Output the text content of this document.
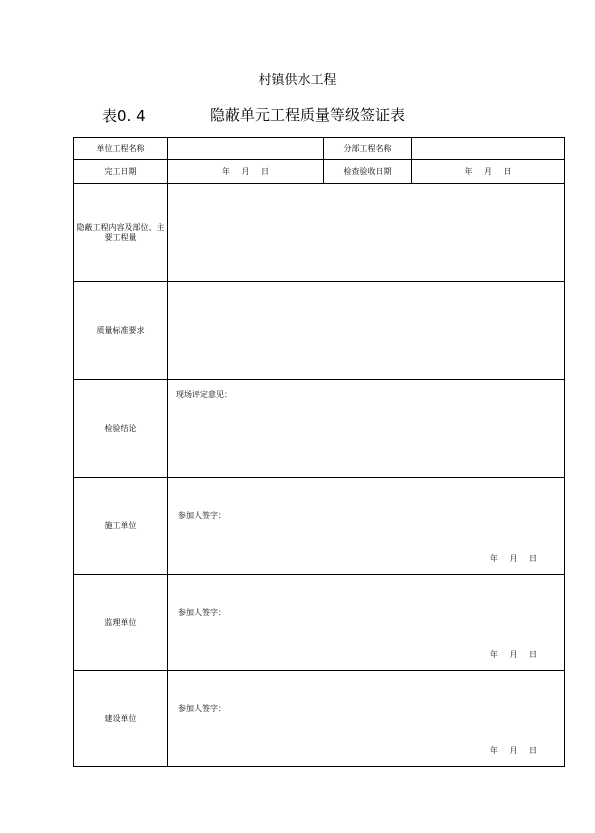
村镇供水工程
表0. 4	隐蔽单元工程质量等级签证表
单位工程名称		分部工程名称	
完工日期	年 月 日	检查验收日期	年 月 日
隐蔽工程内容及部位、主要工程量			
质量标准要求			
检验结论	现场评定意见：		

施工单位	参加人签字：
年 月 日		

监理单位	参加人签字：
年 月 日		

建设单位	参加人签字：
年 月 日		
